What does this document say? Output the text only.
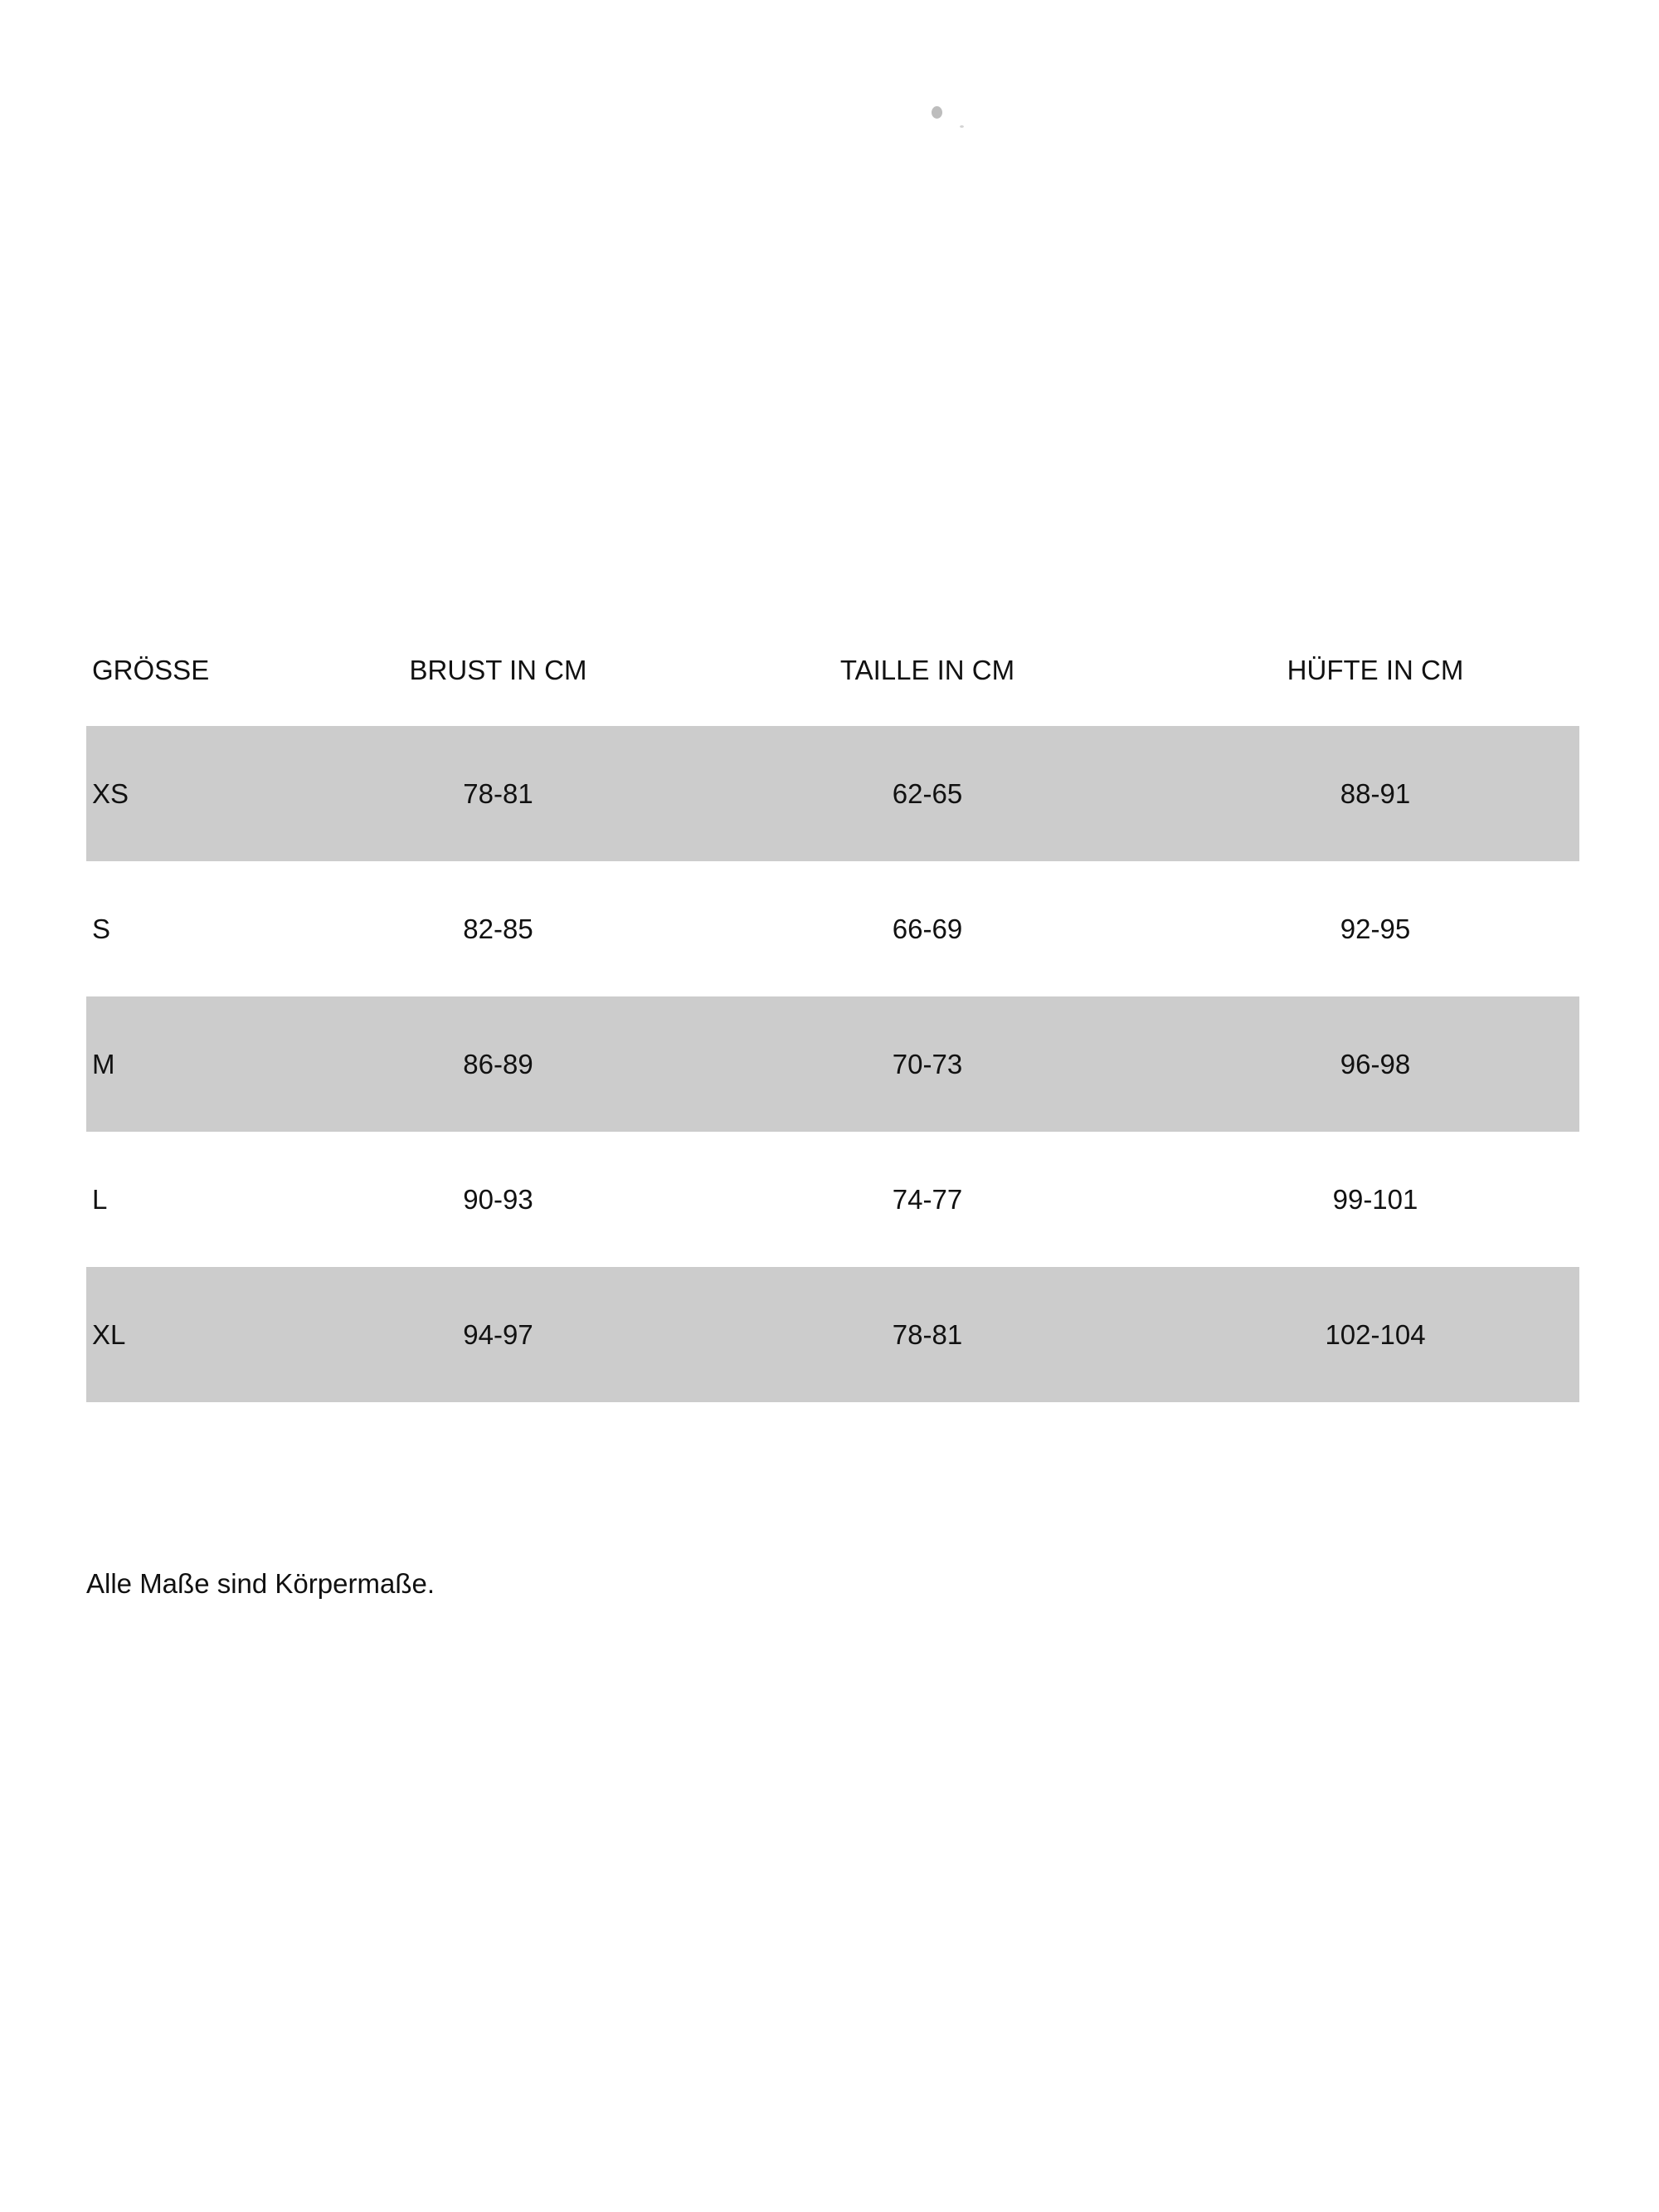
GRÖSSE	BRUST IN CM	TAILLE IN CM	HÜFTE IN CM
XS	78-81	62-65	88-91
S	82-85	66-69	92-95
M	86-89	70-73	96-98
L	90-93	74-77	99-101
XL	94-97	78-81	102-104
Alle Maße sind Körpermaße.
